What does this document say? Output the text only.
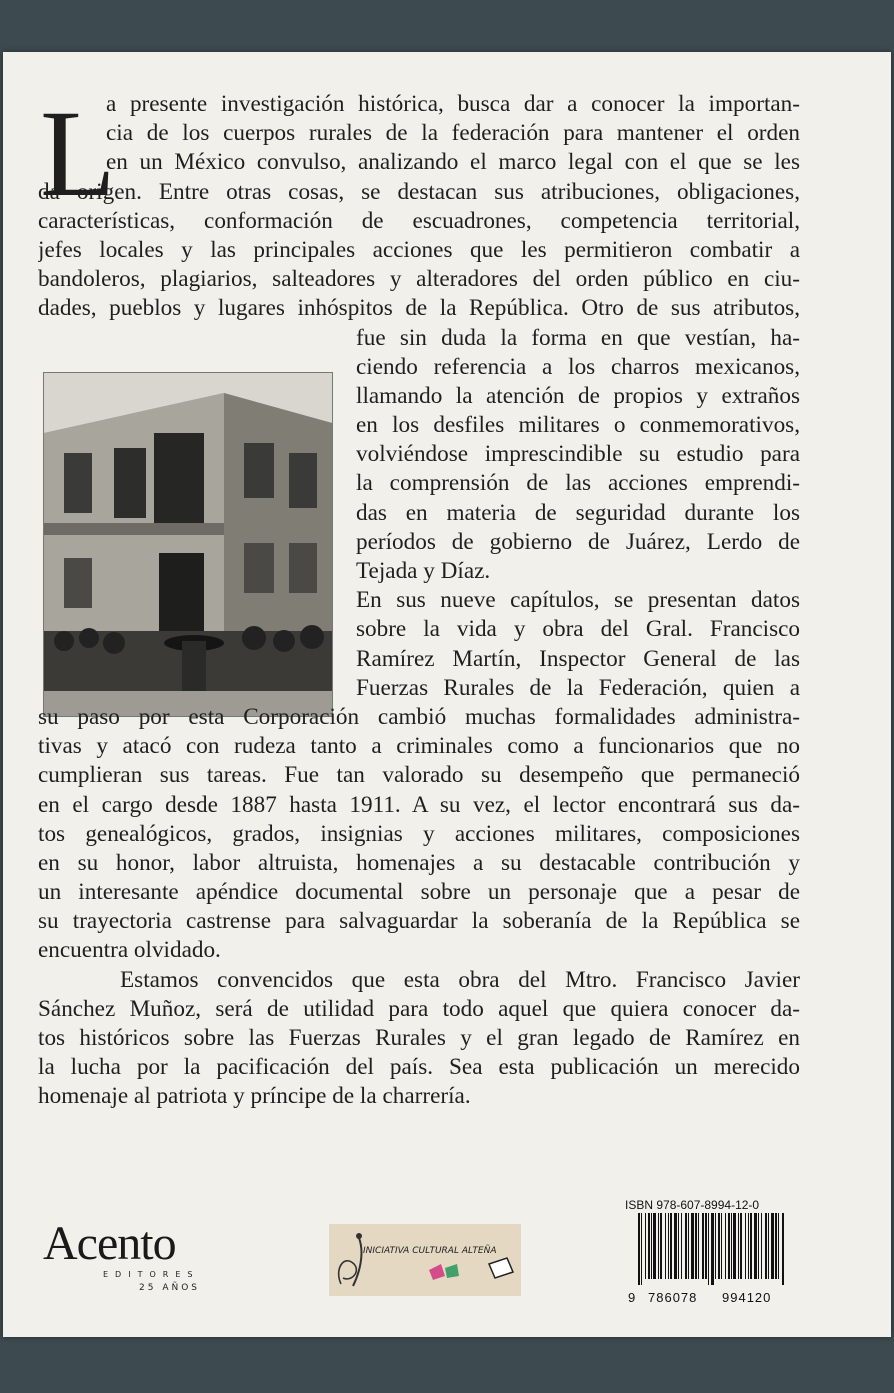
L
a presente investigación histórica, busca dar a conocer la importan-
cia de los cuerpos rurales de la federación para mantener el orden
en un México convulso, analizando el marco legal con el que se les
da origen. Entre otras cosas, se destacan sus atribuciones, obligaciones,
características, conformación de escuadrones, competencia territorial,
jefes locales y las principales acciones que les permitieron combatir a
bandoleros, plagiarios, salteadores y alteradores del orden público en ciu-
dades, pueblos y lugares inhóspitos de la República. Otro de sus atributos,
fue sin duda la forma en que vestían, ha-
ciendo referencia a los charros mexicanos,
llamando la atención de propios y extraños
en los desfiles militares o conmemorativos,
volviéndose imprescindible su estudio para
la comprensión de las acciones emprendi-
das en materia de seguridad durante los
períodos de gobierno de Juárez, Lerdo de
Tejada y Díaz.
En sus nueve capítulos, se presentan datos
sobre la vida y obra del Gral. Francisco
Ramírez Martín, Inspector General de las
Fuerzas Rurales de la Federación, quien a
su paso por esta Corporación cambió muchas formalidades administra-
tivas y atacó con rudeza tanto a criminales como a funcionarios que no
cumplieran sus tareas. Fue tan valorado su desempeño que permaneció
en el cargo desde 1887 hasta 1911. A su vez, el lector encontrará sus da-
tos genealógicos, grados, insignias y acciones militares, composiciones
en su honor, labor altruista, homenajes a su destacable contribución y
un interesante apéndice documental sobre un personaje que a pesar de
su trayectoria castrense para salvaguardar la soberanía de la República se
encuentra olvidado.
Estamos convencidos que esta obra del Mtro. Francisco Javier
Sánchez Muñoz, será de utilidad para todo aquel que quiera conocer da-
tos históricos sobre las Fuerzas Rurales y el gran legado de Ramírez en
la lucha por la pacificación del país. Sea esta publicación un merecido
homenaje al patriota y príncipe de la charrería.
Acento
EDITORES
25 AÑOS
INICIATIVA CULTURAL ALTEÑA
ISBN 978-607-8994-12-0
9 786078 994120
